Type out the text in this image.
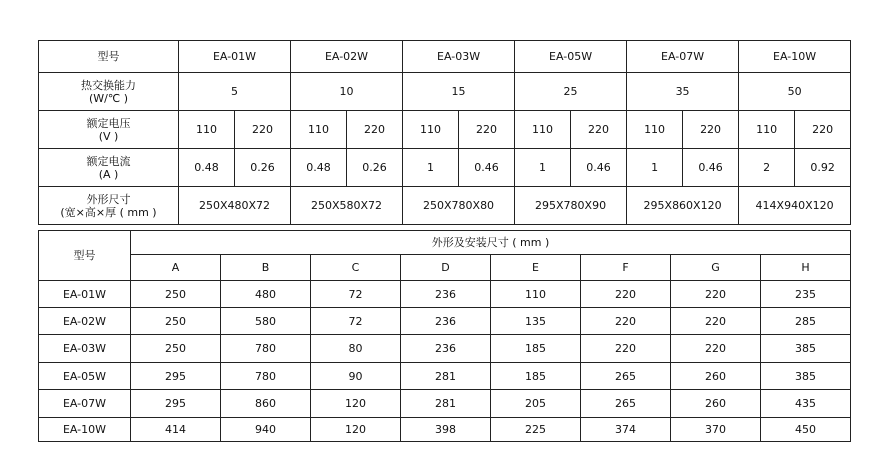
型号	EA-01W		EA-02W		EA-03W		EA-05W		EA-07W		EA-10W	

热交换能力
(W/℃ )	5		10		15		25		35		50	

额定电压
(V )	110	220	110	220	110	220	110	220	110	220	110	220

额定电流
(A )	0.48	0.26	0.48	0.26	1	0.46	1	0.46	1	0.46	2	0.92

外形尺寸
(宽×高×厚 ( mm )	250X480X72		250X580X72		250X780X80		295X780X90		295X860X120		414X940X120	
型号	外形及安装尺寸 ( mm )							
	A	B	C	D	E	F	G	H
EA-01W	250	480	72	236	110	220	220	235
EA-02W	250	580	72	236	135	220	220	285
EA-03W	250	780	80	236	185	220	220	385
EA-05W	295	780	90	281	185	265	260	385
EA-07W	295	860	120	281	205	265	260	435
EA-10W	414	940	120	398	225	374	370	450
